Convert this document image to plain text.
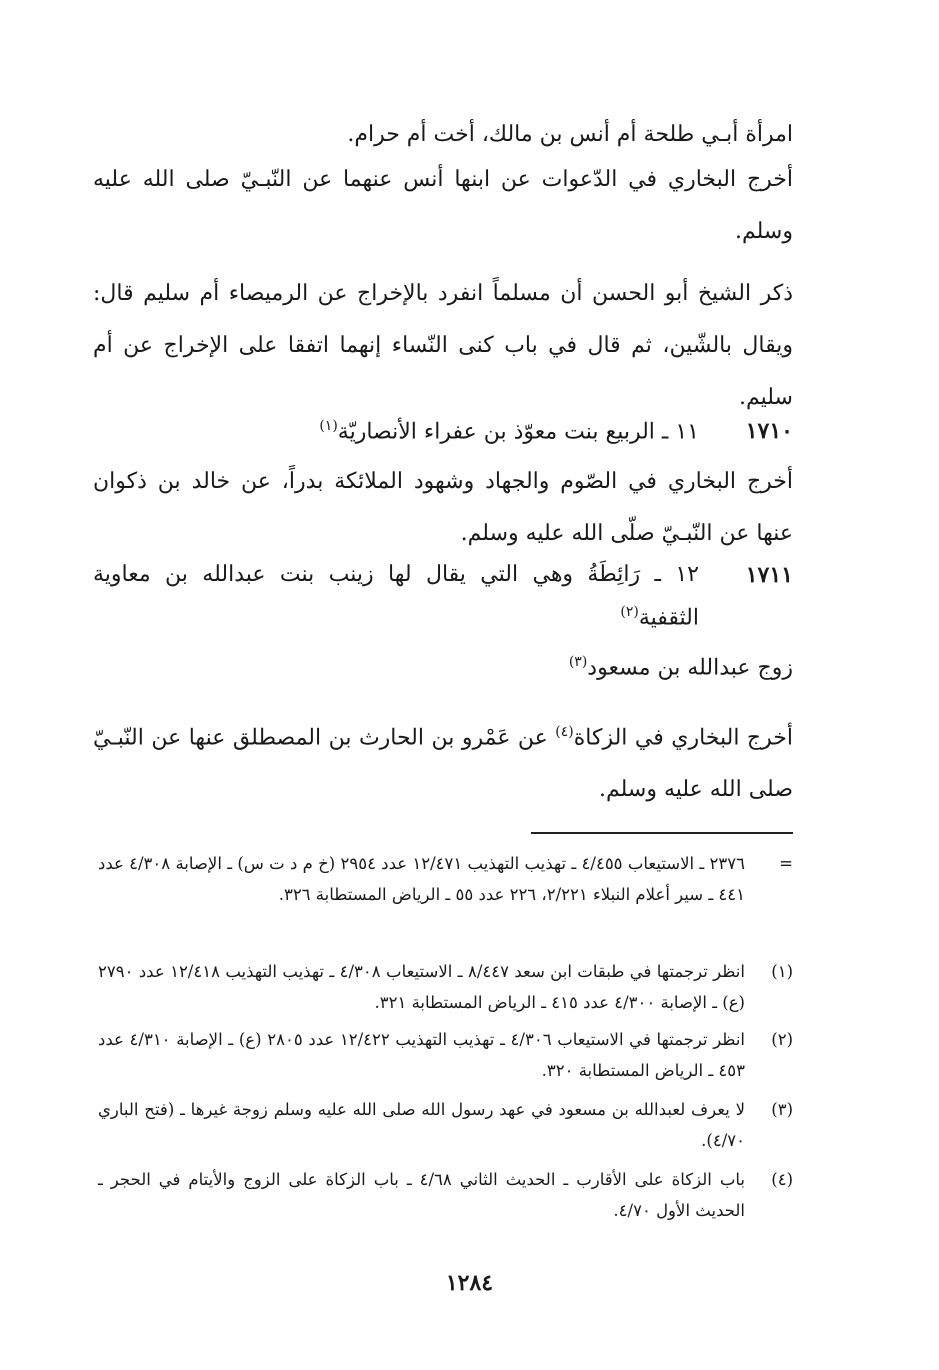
امرأة أبـي طلحة أم أنس بن مالك، أخت أم حرام.
أخرج البخاري في الدّعوات عن ابنها أنس عنهما عن النّبـيّ صلى الله عليه وسلم.
ذكر الشيخ أبو الحسن أن مسلماً انفرد بالإخراج عن الرميصاء أم سليم قال: ويقال بالشّين، ثم قال في باب كنى النّساء إنهما اتفقا على الإخراج عن أم سليم.
١٧١٠
١١ ـ الربيع بنت معوّذ بن عفراء الأنصاريّة$^{(١)}$
أخرج البخاري في الصّوم والجهاد وشهود الملائكة بدراً، عن خالد بن ذكوان عنها عن النّبـيّ صلّى الله عليه وسلم.
١٧١١
١٢ ـ رَائِطَةُ وهي التي يقال لها زينب بنت عبدالله بن معاوية
الثقفية$^{(٢)}$
زوج عبدالله بن مسعود$^{(٣)}$
أخرج البخاري في الزكاة$^{(٤)}$ عن عَمْرو بن الحارث بن المصطلق عنها عن النّبـيّ صلى الله عليه وسلم.
=
٢٣٧٦ ـ الاستيعاب ٤/٤٥٥ ـ تهذيب التهذيب ١٢/٤٧١ عدد ٢٩٥٤ (خ م د ت س) ـ الإصابة ٤/٣٠٨ عدد ٤٤١ ـ سير أعلام النبلاء ٢/٢٢١، ٢٢٦ عدد ٥٥ ـ الرياض المستطابة ٣٢٦.
(١)
انظر ترجمتها في طبقات ابن سعد ٨/٤٤٧ ـ الاستيعاب ٤/٣٠٨ ـ تهذيب التهذيب ١٢/٤١٨ عدد ٢٧٩٠ (ع) ـ الإصابة ٤/٣٠٠ عدد ٤١٥ ـ الرياض المستطابة ٣٢١.
(٢)
انظر ترجمتها في الاستيعاب ٤/٣٠٦ ـ تهذيب التهذيب ١٢/٤٢٢ عدد ٢٨٠٥ (ع) ـ الإصابة ٤/٣١٠ عدد ٤٥٣ ـ الرياض المستطابة ٣٢٠.
(٣)
لا يعرف لعبدالله بن مسعود في عهد رسول الله صلى الله عليه وسلم زوجة غيرها ـ (فتح الباري ٤/٧٠).
(٤)
باب الزكاة على الأقارب ـ الحديث الثاني ٤/٦٨ ـ باب الزكاة على الزوج والأيتام في الحجر ـ الحديث الأول ٤/٧٠.
١٢٨٤
